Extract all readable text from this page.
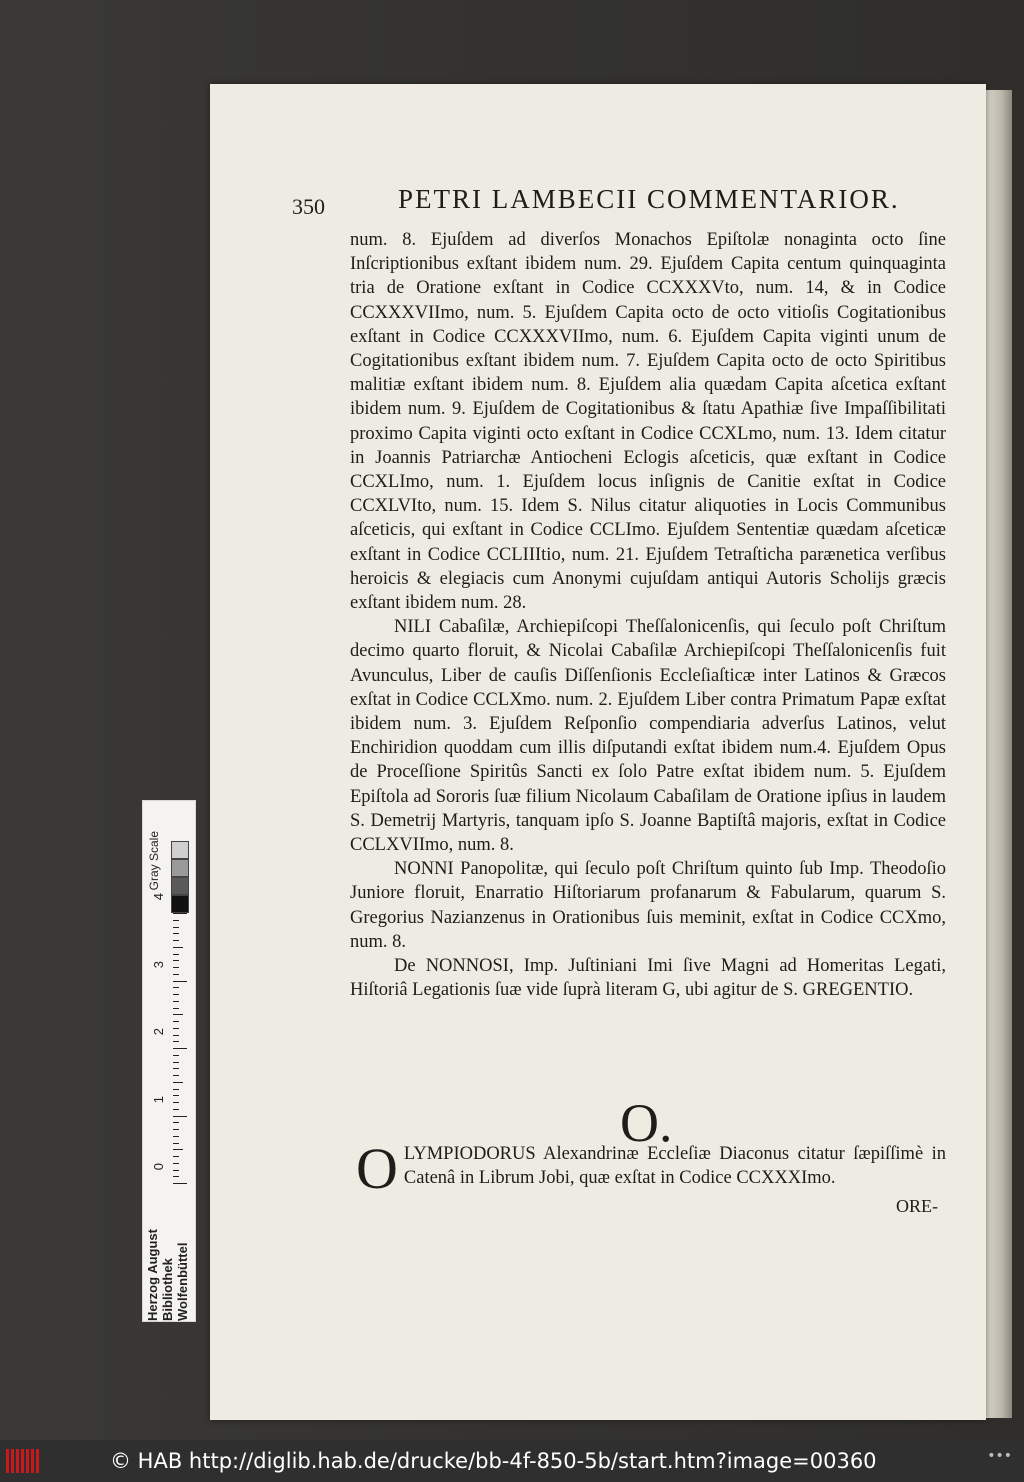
350	PETRI LAMBECII COMMENTARIOR.

num. 8. Ejuſdem ad diverſos Monachos Epiſtolæ nonaginta octo ſine Inſcriptionibus exſtant ibidem num. 29. Ejuſdem Capita centum quinquaginta tria de Oratione exſtant in Codice CCXXXVto, num. 14, & in Codice CCXXXVIImo, num. 5. Ejuſdem Capita octo de octo vitioſis Cogitationibus exſtant in Codice CCXXXVIImo, num. 6. Ejuſdem Capita viginti unum de Cogitationibus exſtant ibidem num. 7. Ejuſdem Capita octo de octo Spiritibus malitiæ exſtant ibidem num. 8. Ejuſdem alia quædam Capita aſcetica exſtant ibidem num. 9. Ejuſdem de Cogitationibus & ſtatu Apathiæ ſive Impaſſibilitati proximo Capita viginti octo exſtant in Codice CCXLmo, num. 13. Idem citatur in Joannis Patriarchæ Antiocheni Eclogis aſceticis, quæ exſtant in Codice CCXLImo, num. 1. Ejuſdem locus inſignis de Canitie exſtat in Codice CCXLVIto, num. 15. Idem S. Nilus citatur aliquoties in Locis Communibus aſceticis, qui exſtant in Codice CCLImo. Ejuſdem Sententiæ quædam aſceticæ exſtant in Codice CCLIIItio, num. 21. Ejuſdem Tetraſticha parænetica verſibus heroicis & elegiacis cum Anonymi cujuſdam antiqui Autoris Scholijs græcis exſtant ibidem num. 28.

NILI Cabaſilæ, Archiepiſcopi Theſſalonicenſis, qui ſeculo poſt Chriſtum decimo quarto floruit, & Nicolai Cabaſilæ Archiepiſcopi Theſſalonicenſis fuit Avunculus, Liber de cauſis Diſſenſionis Eccleſiaſticæ inter Latinos & Græcos exſtat in Codice CCLXmo. num. 2. Ejuſdem Liber contra Primatum Papæ exſtat ibidem num. 3. Ejuſdem Reſponſio compendiaria adverſus Latinos, velut Enchiridion quoddam cum illis diſputandi exſtat ibidem num.4. Ejuſdem Opus de Proceſſione Spiritûs Sancti ex ſolo Patre exſtat ibidem num. 5. Ejuſdem Epiſtola ad Sororis ſuæ filium Nicolaum Cabaſilam de Oratione ipſius in laudem S. Demetrij Martyris, tanquam ipſo S. Joanne Baptiſtâ majoris, exſtat in Codice CCLXVIImo, num. 8.

NONNI Panopolitæ, qui ſeculo poſt Chriſtum quinto ſub Imp. Theodoſio Juniore floruit, Enarratio Hiſtoriarum profanarum & Fabularum, quarum S. Gregorius Nazianzenus in Orationibus ſuis meminit, exſtat in Codice CCXmo, num. 8.

De NONNOSI, Imp. Juſtiniani Imi ſive Magni ad Homeritas Legati, Hiſtoriâ Legationis ſuæ vide ſuprà literam G, ubi agitur de S. GREGENTIO.

O.
O LYMPIODORUS Alexandrinæ Eccleſiæ Diaconus citatur ſæpiſſimè in Catenâ in Librum Jobi, quæ exſtat in Codice CCXXXImo.
ORE-
Gray Scale
0
1
2
3
4
Herzog August Bibliothek
Wolfenbüttel
© HAB http://diglib.hab.de/drucke/bb-4f-850-5b/start.htm?image=00360	•••
